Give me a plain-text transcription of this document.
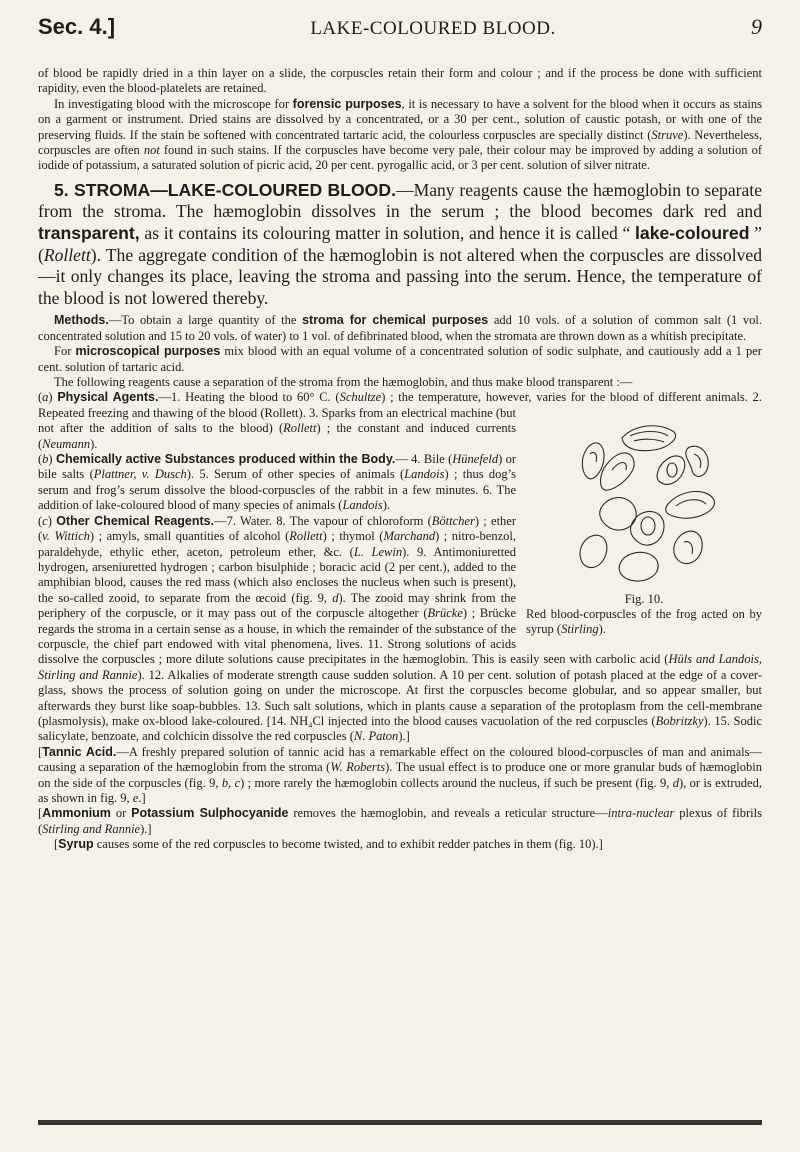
Sec. 4.]	LAKE-COLOURED BLOOD.	9

of blood be rapidly dried in a thin layer on a slide, the corpuscles retain their form and colour ; and if the process be done with sufficient rapidity, even the blood-platelets are retained.

In investigating blood with the microscope for forensic purposes, it is necessary to have a solvent for the blood when it occurs as stains on a garment or instrument. Dried stains are dissolved by a concentrated, or a 30 per cent., solution of caustic potash, or with one of the preserving fluids. If the stain be softened with concentrated tartaric acid, the colourless corpuscles are specially distinct (Struve). Nevertheless, corpuscles are often not found in such stains. If the corpuscles have become very pale, their colour may be improved by adding a solution of iodide of potassium, a saturated solution of picric acid, 20 per cent. pyrogallic acid, or 3 per cent. solution of silver nitrate.

5. STROMA—LAKE-COLOURED BLOOD.—Many reagents cause the hæmoglobin to separate from the stroma. The hæmoglobin dissolves in the serum ; the blood becomes dark red and transparent, as it contains its colouring matter in solution, and hence it is called “ lake-coloured ” (Rollett). The aggregate condition of the hæmoglobin is not altered when the corpuscles are dissolved—it only changes its place, leaving the stroma and passing into the serum. Hence, the temperature of the blood is not lowered thereby.

Methods.—To obtain a large quantity of the stroma for chemical purposes add 10 vols. of a solution of common salt (1 vol. concentrated solution and 15 to 20 vols. of water) to 1 vol. of defibrinated blood, when the stromata are thrown down as a whitish precipitate.

For microscopical purposes mix blood with an equal volume of a concentrated solution of sodic sulphate, and cautiously add a 1 per cent. solution of tartaric acid.

The following reagents cause a separation of the stroma from the hæmoglobin, and thus make blood transparent :—

(a) Physical Agents.—1. Heating the blood to 60° C. (Schultze) ; the temperature, however, varies for the blood of different animals. 2. Repeated freezing and thawing of the blood (
Fig. 10.
Red blood-corpuscles of the frog acted on by syrup (Stirling).
Rollett). 3. Sparks from an electrical machine (but not after the addition of salts to the blood) (Rollett) ; the constant and induced currents (Neumann).
(b) Chemically active Substances produced within the Body.— 4. Bile (Hünefeld) or bile salts (Plattner, v. Dusch). 5. Serum of other species of animals (Landois) ; thus dog’s serum and frog’s serum dissolve the blood-corpuscles of the rabbit in a few minutes. 6. The addition of lake-coloured blood of many species of animals (Landois).
(c) Other Chemical Reagents.—7. Water. 8. The vapour of chloroform (Böttcher) ; ether (v. Wittich) ; amyls, small quantities of alcohol (Rollett) ; thymol (Marchand) ; nitro-benzol, paraldehyde, ethylic ether, aceton, petroleum ether, &c. (L. Lewin). 9. Antimoniuretted hydrogen, arseniuretted hydrogen ; carbon bisulphide ; boracic acid (2 per cent.), added to the amphibian blood, causes the red mass (which also encloses the nucleus when such is present), the so-called zooid, to separate from the œcoid (fig. 9, d). The zooid may shrink from the periphery of the corpuscle, or it may pass out of the corpuscle altogether (Brücke) ; Brücke regards the stroma in a certain sense as a house, in which the remainder of the substance of the corpuscle, the chief part endowed with vital phenomena, lives. 11. Strong solutions of acids dissolve the corpuscles ; more dilute solutions cause precipitates in the hæmoglobin. This is easily seen with carbolic acid (Hüls and Landois, Stirling and Rannie). 12. Alkalies of moderate strength cause sudden solution. A 10 per cent. solution of potash placed at the edge of a cover-glass, shows the process of solution going on under the microscope. At first the corpuscles become globular, and so appear smaller, but afterwards they burst like soap-bubbles. 13. Such salt solutions, which in plants cause a separation of the protoplasm from the cell-membrane (plasmolysis), make ox-blood lake-coloured. [14. NH₄Cl injected into the blood causes vacuolation of the red corpuscles (Bobritzky). 15. Sodic salicylate, benzoate, and colchicin dissolve the red corpuscles (N. Paton).]

[Tannic Acid.—A freshly prepared solution of tannic acid has a remarkable effect on the coloured blood-corpuscles of man and animals—causing a separation of the hæmoglobin from the stroma (W. Roberts). The usual effect is to produce one or more granular buds of hæmoglobin on the side of the corpuscles (fig. 9, b, c) ; more rarely the hæmoglobin collects around the nucleus, if such be present (fig. 9, d), or is extruded, as shown in fig. 9, e.]

[Ammonium or Potassium Sulphocyanide removes the hæmoglobin, and reveals a reticular structure—intra-nuclear plexus of fibrils (Stirling and Rannie).]

[Syrup causes some of the red corpuscles to become twisted, and to exhibit redder patches in them (fig. 10).]
